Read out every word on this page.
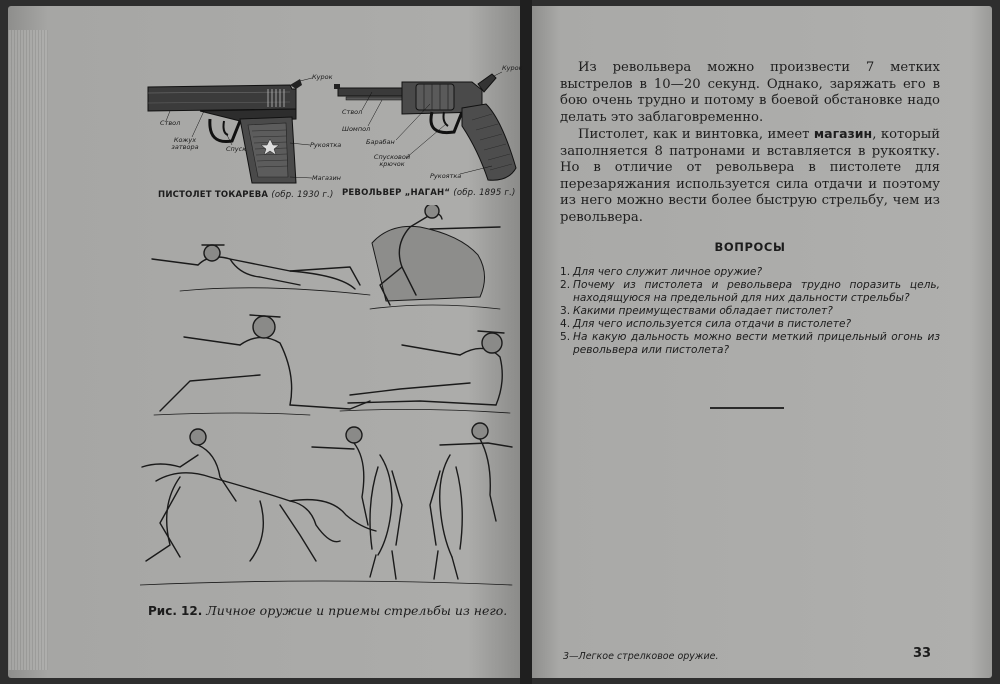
Курок
Ствол
Кожух затвора	Спуск	Рукоятка
Магазин
ПИСТОЛЕТ ТОКАРЕВА (обр. 1930 г.)
Курок
Ствол
Шомпол
Барабан
Спусковой крючок
Рукоятка
РЕВОЛЬВЕР „НАГАН“ (обр. 1895 г.)
Рис. 12. Личное оружие и приемы стрельбы из него.

Из револьвера можно произвести 7 метких выстрелов в 10—20 секунд. Однако, заряжать его в бою очень трудно и потому в боевой обстановке надо делать это заблаговременно.

Пистолет, как и винтовка, имеет магазин, который заполняется 8 патронами и вставляется в рукоятку. Но в отличие от револьвера в пистолете для перезаряжания используется сила отдачи и поэтому из него можно вести более быструю стрельбу, чем из револьвера.

ВОПРОСЫ
1. Для чего служит личное оружие?
2. Почему из пистолета и револьвера трудно поразить цель, находящуюся на предельной для них дальности стрельбы?
3. Какими преимуществами обладает пистолет?
4. Для чего используется сила отдачи в пистолете?
5. На какую дальность можно вести меткий прицельный огонь из револьвера или пистолета?
3—Легкое стрелковое оружие.	33
